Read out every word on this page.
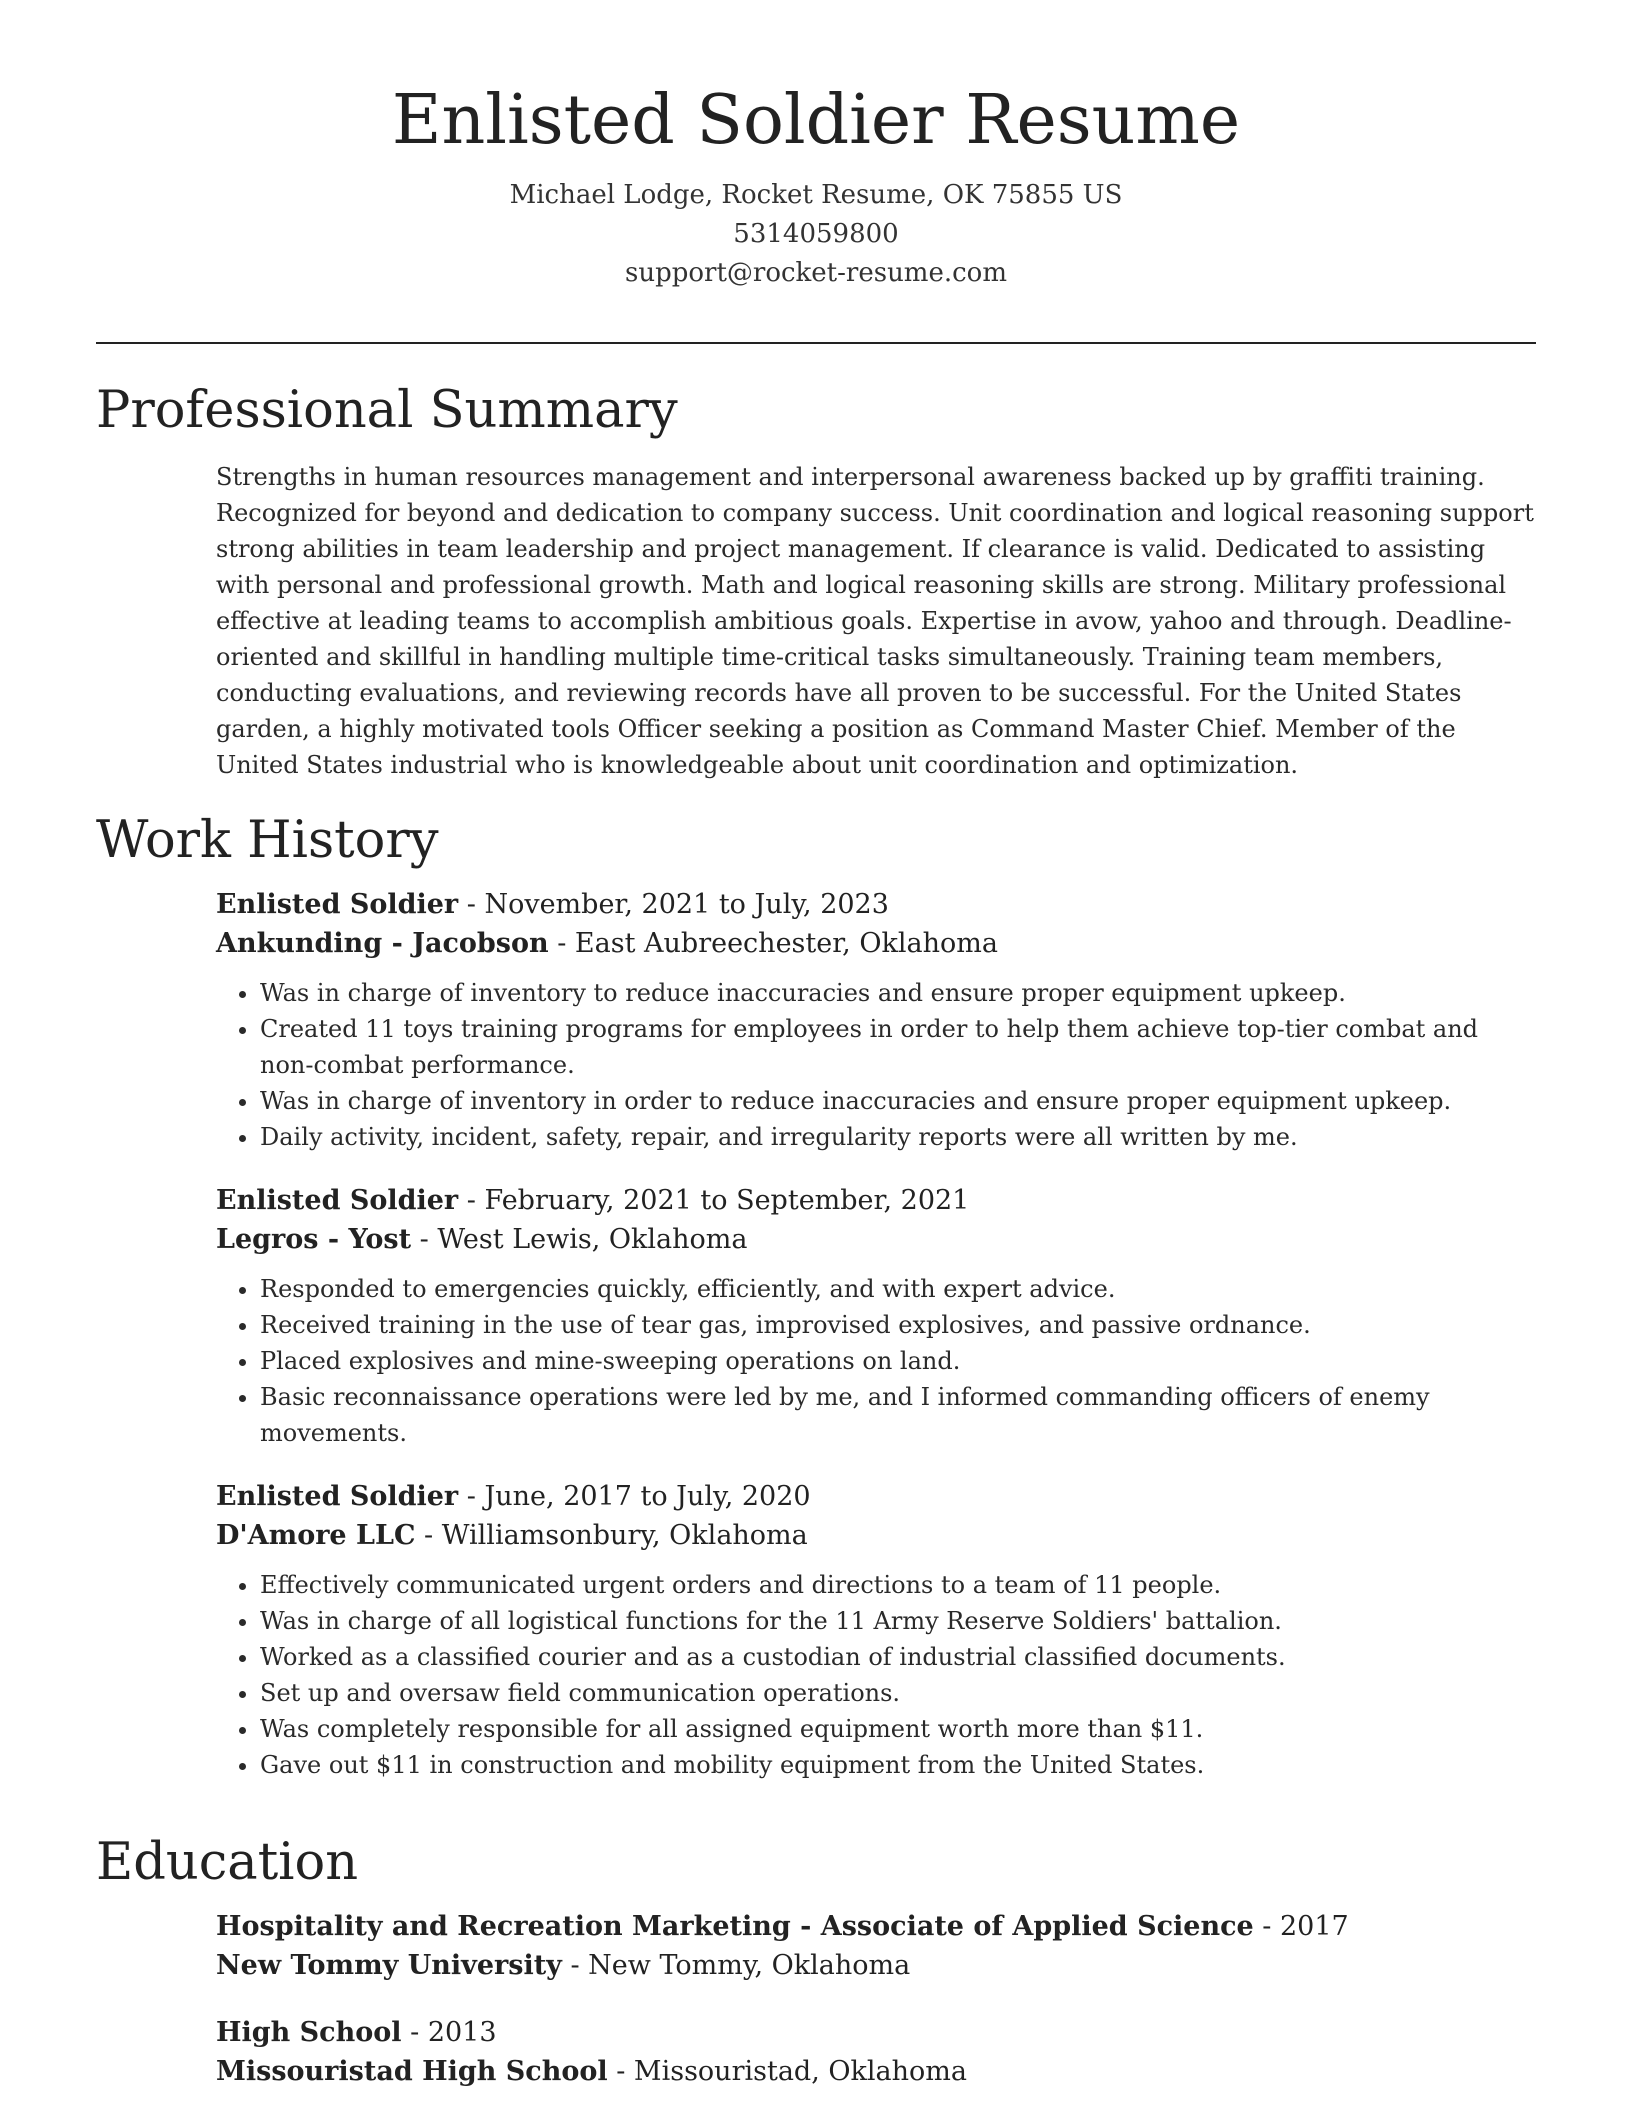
Enlisted Soldier Resume
Michael Lodge, Rocket Resume, OK 75855 US
5314059800
support@rocket-resume.com
Professional Summary

Strengths in human resources management and interpersonal awareness backed up by graffiti training. Recognized for beyond and dedication to company success. Unit coordination and logical reasoning support strong abilities in team leadership and project management. If clearance is valid. Dedicated to assisting with personal and professional growth. Math and logical reasoning skills are strong. Military professional effective at leading teams to accomplish ambitious goals. Expertise in avow, yahoo and through. Deadline-oriented and skillful in handling multiple time-critical tasks simultaneously. Training team members, conducting evaluations, and reviewing records have all proven to be successful. For the United States garden, a highly motivated tools Officer seeking a position as Command Master Chief. Member of the United States industrial who is knowledgeable about unit coordination and optimization.

Work History
Enlisted Soldier - November, 2021 to July, 2023
Ankunding - Jacobson - East Aubreechester, Oklahoma
• Was in charge of inventory to reduce inaccuracies and ensure proper equipment upkeep.
• Created 11 toys training programs for employees in order to help them achieve top-tier combat and non-combat performance.
• Was in charge of inventory in order to reduce inaccuracies and ensure proper equipment upkeep.
• Daily activity, incident, safety, repair, and irregularity reports were all written by me.
Enlisted Soldier - February, 2021 to September, 2021
Legros - Yost - West Lewis, Oklahoma
• Responded to emergencies quickly, efficiently, and with expert advice.
• Received training in the use of tear gas, improvised explosives, and passive ordnance.
• Placed explosives and mine-sweeping operations on land.
• Basic reconnaissance operations were led by me, and I informed commanding officers of enemy movements.
Enlisted Soldier - June, 2017 to July, 2020
D'Amore LLC - Williamsonbury, Oklahoma
• Effectively communicated urgent orders and directions to a team of 11 people.
• Was in charge of all logistical functions for the 11 Army Reserve Soldiers' battalion.
• Worked as a classified courier and as a custodian of industrial classified documents.
• Set up and oversaw field communication operations.
• Was completely responsible for all assigned equipment worth more than $11.
• Gave out $11 in construction and mobility equipment from the United States.
Education
Hospitality and Recreation Marketing - Associate of Applied Science - 2017
New Tommy University - New Tommy, Oklahoma
High School - 2013
Missouristad High School - Missouristad, Oklahoma
